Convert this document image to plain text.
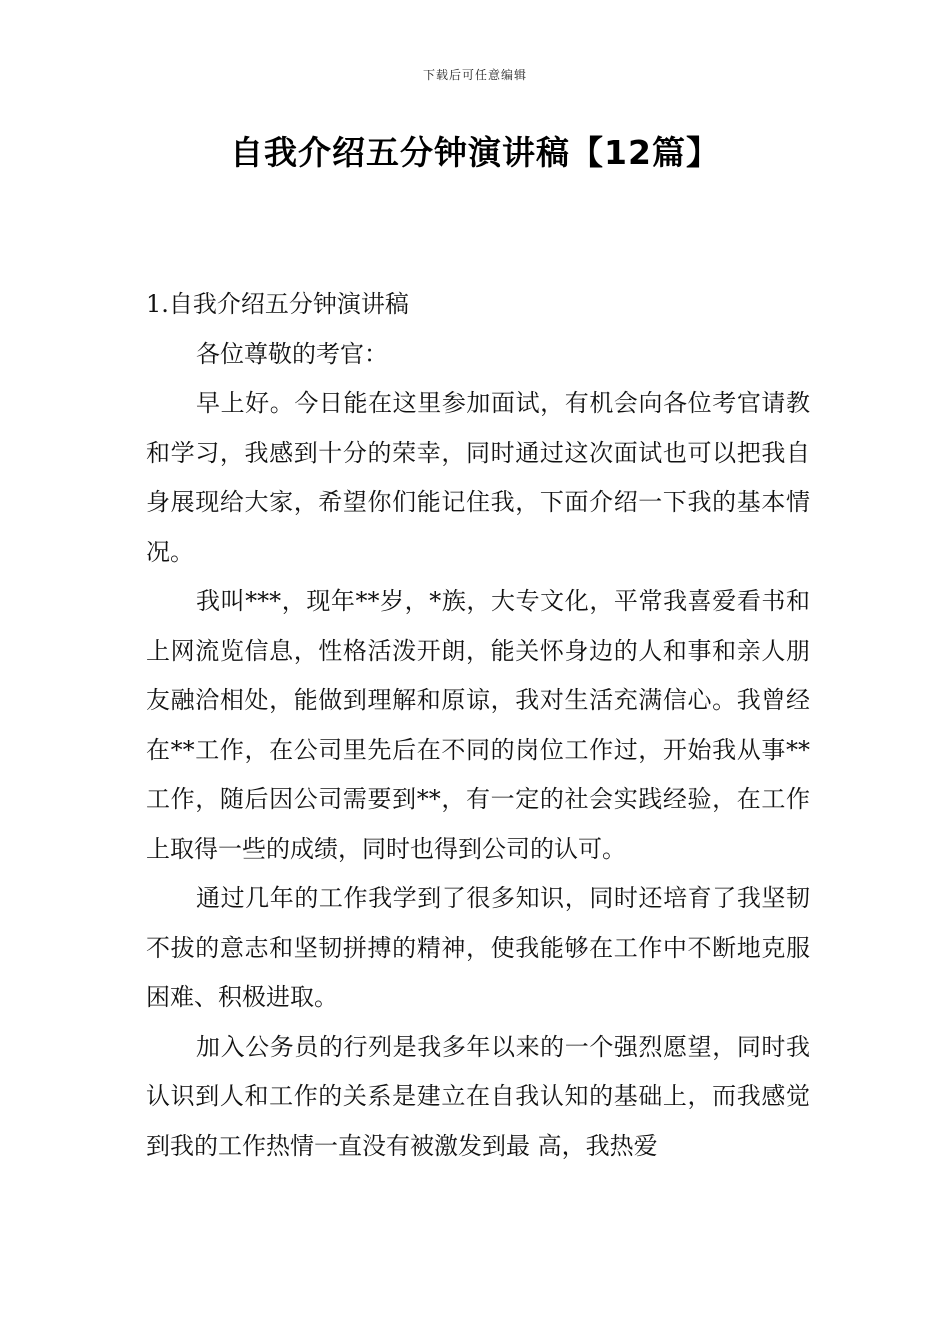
下载后可任意编辑
自我介绍五分钟演讲稿【12篇】

1.自我介绍五分钟演讲稿

各位尊敬的考官：

早上好。今日能在这里参加面试，有机会向各位考官请教和学习，我感到十分的荣幸，同时通过这次面试也可以把我自身展现给大家，希望你们能记住我，下面介绍一下我的基本情况。

我叫***，现年**岁，*族，大专文化，平常我喜爱看书和上网流览信息，性格活泼开朗，能关怀身边的人和事和亲人朋友融洽相处，能做到理解和原谅，我对生活充满信心。我曾经在**工作，在公司里先后在不同的岗位工作过，开始我从事**工作，随后因公司需要到**，有一定的社会实践经验，在工作上取得一些的成绩，同时也得到公司的认可。

通过几年的工作我学到了很多知识，同时还培育了我坚韧不拔的意志和坚韧拼搏的精神，使我能够在工作中不断地克服困难、积极进取。

加入公务员的行列是我多年以来的一个强烈愿望，同时我认识到人和工作的关系是建立在自我认知的基础上，而我感觉到我的工作热情一直没有被激发到最 高，我热爱
